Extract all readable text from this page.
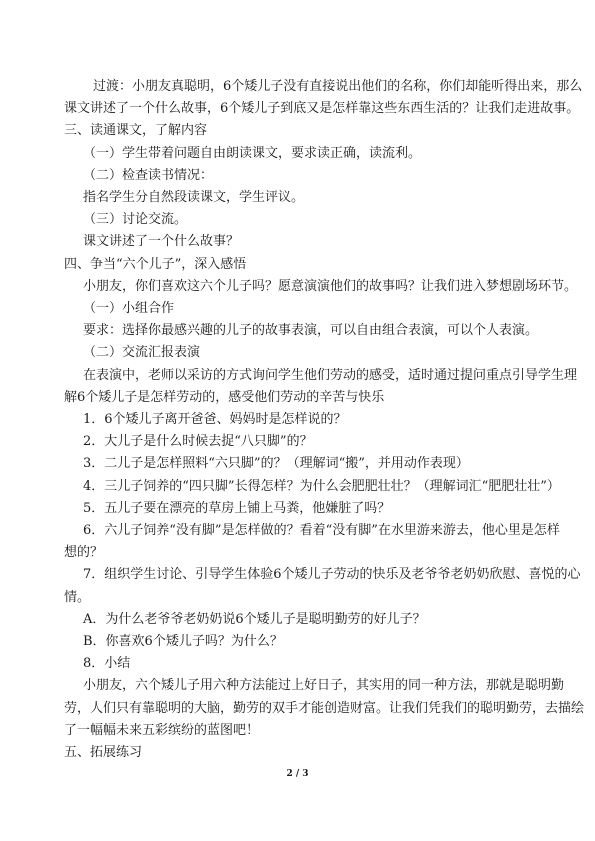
过渡：小朋友真聪明，6个矮儿子没有直接说出他们的名称，你们却能听得出来，那么
课文讲述了一个什么故事，6个矮儿子到底又是怎样靠这些东西生活的？让我们走进故事。
三、读通课文，了解内容
（一）学生带着问题自由朗读课文，要求读正确，读流利。
（二）检查读书情况：
指名学生分自然段读课文，学生评议。
（三）讨论交流。
课文讲述了一个什么故事？
四、争当“六个儿子”，深入感悟
小朋友，你们喜欢这六个儿子吗？愿意演演他们的故事吗？让我们进入梦想剧场环节。
（一）小组合作
要求：选择你最感兴趣的儿子的故事表演，可以自由组合表演，可以个人表演。
（二）交流汇报表演
在表演中，老师以采访的方式询问学生他们劳动的感受，适时通过提问重点引导学生理
解6个矮儿子是怎样劳动的，感受他们劳动的辛苦与快乐
1．6个矮儿子离开爸爸、妈妈时是怎样说的？
2．大儿子是什么时候去捉“八只脚”的？
3．二儿子是怎样照料“六只脚”的？（理解词“搬”，并用动作表现）
4．三儿子饲养的“四只脚”长得怎样？为什么会肥肥壮壮？（理解词汇“肥肥壮壮”）
5．五儿子要在漂亮的草房上铺上马粪，他嫌脏了吗？
6．六儿子饲养“没有脚”是怎样做的？看着“没有脚”在水里游来游去，他心里是怎样
想的？
7．组织学生讨论、引导学生体验6个矮儿子劳动的快乐及老爷爷老奶奶欣慰、喜悦的心
情。
A．为什么老爷爷老奶奶说6个矮儿子是聪明勤劳的好儿子？
B．你喜欢6个矮儿子吗？为什么？
8．小结
小朋友，六个矮儿子用六种方法能过上好日子，其实用的同一种方法，那就是聪明勤
劳，人们只有靠聪明的大脑，勤劳的双手才能创造财富。让我们凭我们的聪明勤劳，去描绘
了一幅幅未来五彩缤纷的蓝图吧！
五、拓展练习
2 / 3
